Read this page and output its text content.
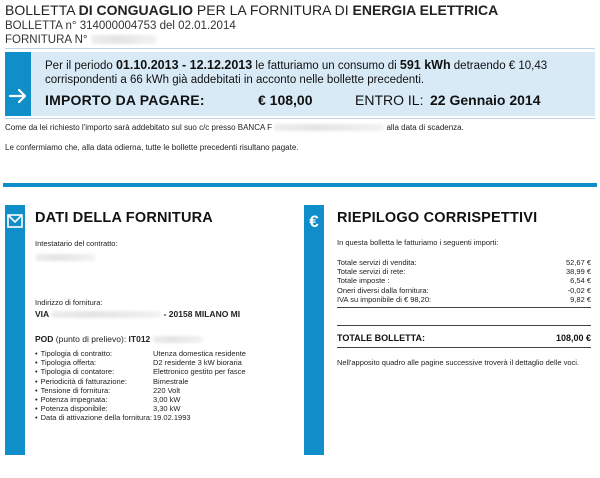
BOLLETTA DI CONGUAGLIO PER LA FORNITURA DI ENERGIA ELETTRICA
BOLLETTA n° 314000004753 del 02.01.2014
FORNITURA N°
Per il periodo 01.10.2013 - 12.12.2013 le fatturiamo un consumo di 591 kWh detraendo € 10,43
corrispondenti a 66 kWh già addebitati in acconto nelle bollette precedenti.
IMPORTO DA PAGARE:	€ 108,00	ENTRO IL: 22 Gennaio 2014
Come da lei richiesto l'importo sarà addebitato sul suo c/c presso BANCA F	alla data di scadenza.
Le confermiamo che, alla data odierna, tutte le bollette precedenti risultano pagate.
DATI DELLA FORNITURA
Intestatario del contratto:
Indirizzo di fornitura:
VIA	- 20158 MILANO MI
POD (punto di prelievo): IT012
• Tipologia di contratto:	Utenza domestica residente
• Tipologia offerta:	D2 residente 3 kW bioraria
• Tipologia di contatore:	Elettronico gestito per fasce
• Periodicità di fatturazione:	Bimestrale
• Tensione di fornitura:	220 Volt
• Potenza impegnata:	3,00 kW
• Potenza disponibile:	3,30 kW
• Data di attivazione della fornitura: 19.02.1993
€	RIEPILOGO CORRISPETTIVI
In questa bolletta le fatturiamo i seguenti importi:
Totale servizi di vendita:	52,67 €
Totale servizi di rete:	38,99 €
Totale imposte :	6,54 €
Oneri diversi dalla fornitura:	-0,02 €
IVA su imponibile di € 98,20:	9,82 €
TOTALE BOLLETTA:	108,00 €
Nell'apposito quadro alle pagine successive troverà il dettaglio delle voci.
